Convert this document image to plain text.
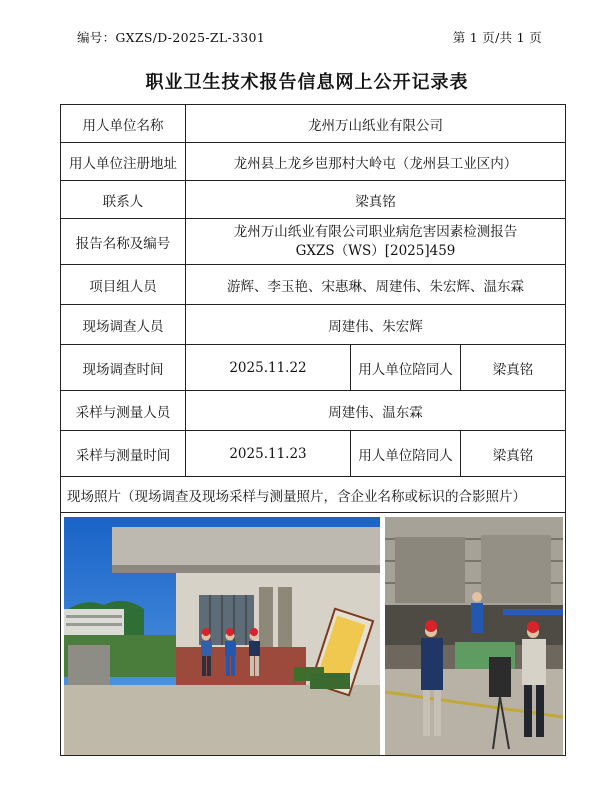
编号：GXZS/D-2025-ZL-3301	第 1 页/共 1 页
职业卫生技术报告信息网上公开记录表
用人单位名称	龙州万山纸业有限公司		
用人单位注册地址	龙州县上龙乡岜那村大岭屯（龙州县工业区内）		
联系人	梁真铭		
报告名称及编号	龙州万山纸业有限公司职业病危害因素检测报告
GXZS（WS）[2025]459		

项目组人员	游辉、李玉艳、宋惠琳、周建伟、朱宏辉、温东霖		
现场调查人员	周建伟、朱宏辉		
现场调查时间	2025.11.22	用人单位陪同人	梁真铭
采样与测量人员	周建伟、温东霖		
采样与测量时间	2025.11.23	用人单位陪同人	梁真铭
现场照片（现场调查及现场采样与测量照片，含企业名称或标识的合影照片）			
